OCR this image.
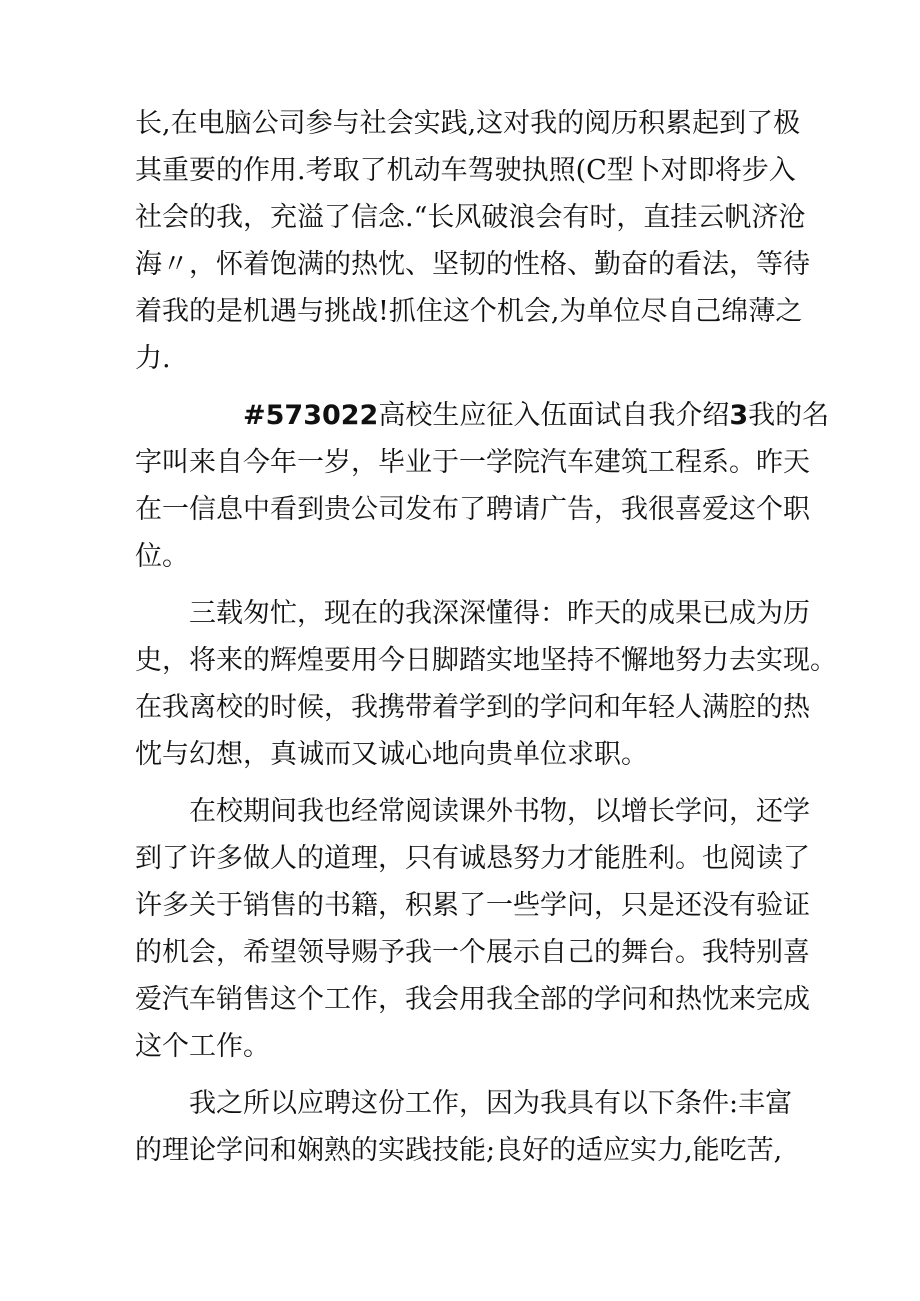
长,在电脑公司参与社会实践,这对我的阅历积累起到了极
其重要的作用.考取了机动车驾驶执照(C型卜对即将步入
社会的我，充溢了信念.“长风破浪会有时，直挂云帆济沧
海〃，怀着饱满的热忱、坚韧的性格、勤奋的看法，等待
着我的是机遇与挑战!抓住这个机会,为单位尽自己绵薄之
力.
#573022高校生应征入伍面试自我介绍3我的名
字叫来自今年一岁，毕业于一学院汽车建筑工程系。昨天
在一信息中看到贵公司发布了聘请广告，我很喜爱这个职
位。
三载匆忙，现在的我深深懂得：昨天的成果已成为历
史，将来的辉煌要用今日脚踏实地坚持不懈地努力去实现。
在我离校的时候，我携带着学到的学问和年轻人满腔的热
忱与幻想，真诚而又诚心地向贵单位求职。
在校期间我也经常阅读课外书物，以增长学问，还学
到了许多做人的道理，只有诚恳努力才能胜利。也阅读了
许多关于销售的书籍，积累了一些学问，只是还没有验证
的机会，希望领导赐予我一个展示自己的舞台。我特别喜
爱汽车销售这个工作，我会用我全部的学问和热忱来完成
这个工作。
我之所以应聘这份工作，因为我具有以下条件:丰富
的理论学问和娴熟的实践技能;良好的适应实力,能吃苦,
